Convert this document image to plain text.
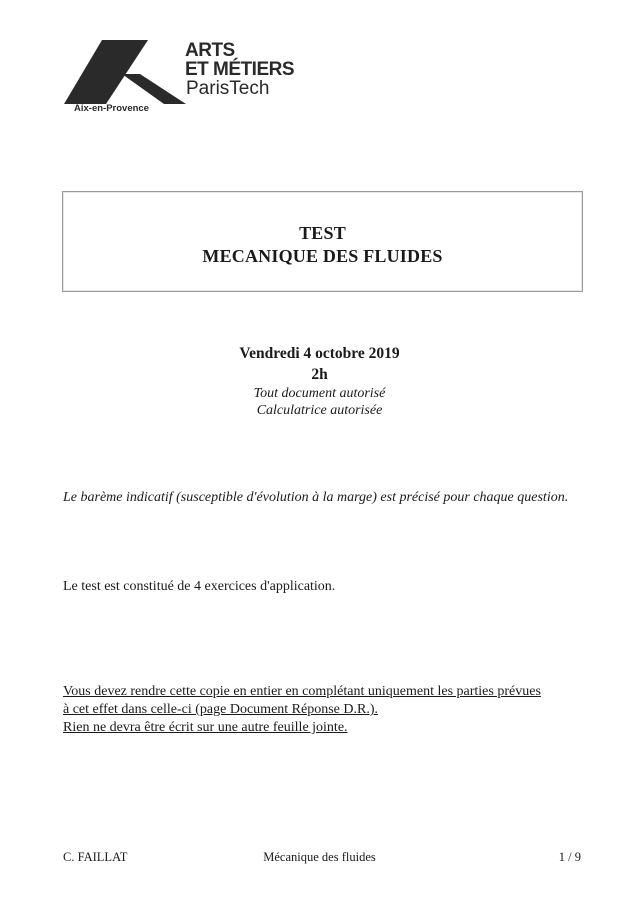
ARTS
ET MÉTIERS
ParisTech
Aix-en-Provence
TEST
MECANIQUE DES FLUIDES
Vendredi 4 octobre 2019
2h
Tout document autorisé
Calculatrice autorisée
Le barème indicatif (susceptible d'évolution à la marge) est précisé pour chaque question.
Le test est constitué de 4 exercices d'application.
Vous devez rendre cette copie en entier en complétant uniquement les parties prévues
à cet effet dans celle-ci (page Document Réponse D.R.).
Rien ne devra être écrit sur une autre feuille jointe.
C. FAILLAT	Mécanique des fluides	1 / 9
